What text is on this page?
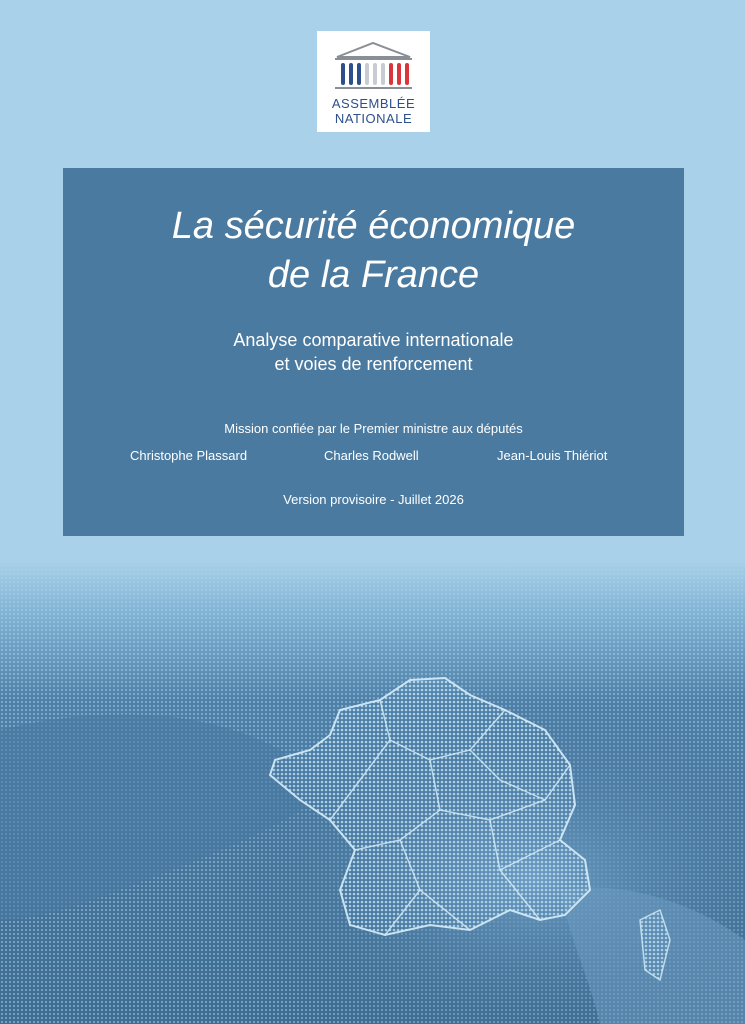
ASSEMBLÉE
NATIONALE
La sécurité économique
de la France
Analyse comparative internationale
et voies de renforcement
Mission confiée par le Premier ministre aux députés
Christophe Plassard	Charles Rodwell	Jean-Louis Thiériot
Version provisoire - Juillet 2026
